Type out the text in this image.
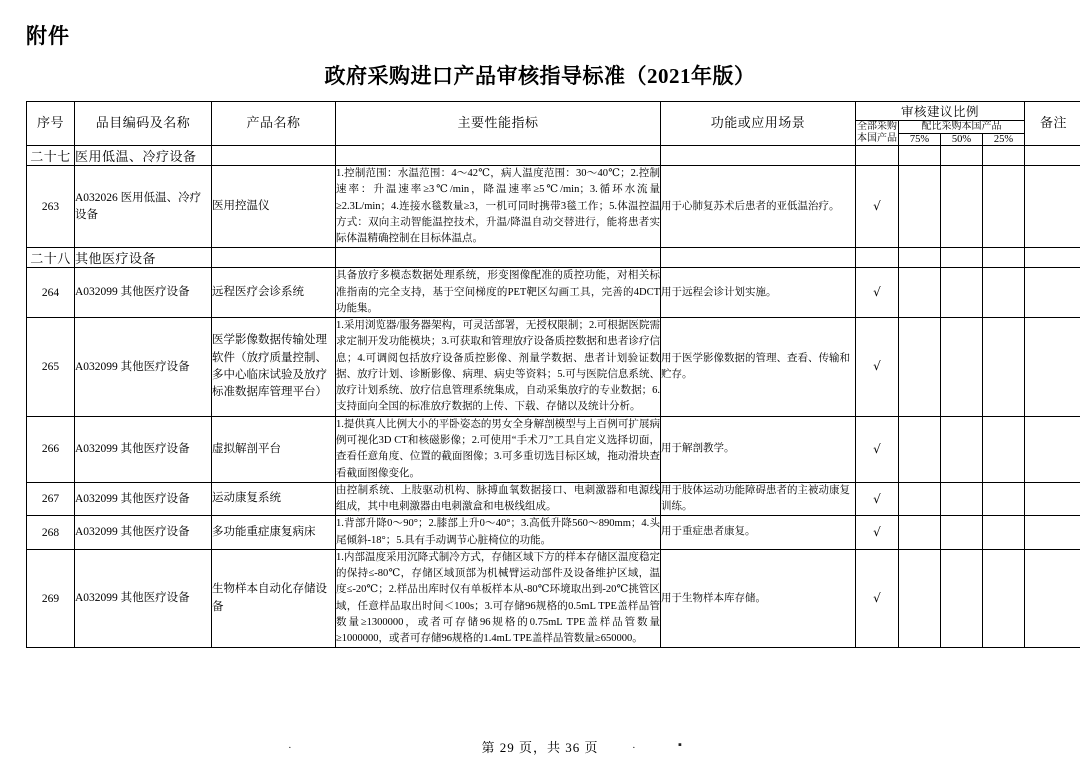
附件
政府采购进口产品审核指导标准（2021年版）
序号	品目编码及名称	产品名称	主要性能指标	功能或应用场景	审核建议比例				备注
					全部采购本国产品	配比采购本国产品			
						75%	50%	25%	
二十七	医用低温、冷疗设备								
263	A032026 医用低温、冷疗设备	医用控温仪	1.控制范围：水温范围：4～42℃，病人温度范围：30～40℃；2.控制速率：升温速率≥3℃/min，降温速率≥5℃/min；3.循环水流量≥2.3L/min；4.连接水毯数量≥3，一机可同时携带3毯工作；5.体温控温方式：双向主动智能温控技术，升温/降温自动交替进行，能将患者实际体温精确控制在目标体温点。	用于心肺复苏术后患者的亚低温治疗。	√				
二十八	其他医疗设备								
264	A032099 其他医疗设备	远程医疗会诊系统	具备放疗多模态数据处理系统，形变图像配准的质控功能，对相关标准指南的完全支持，基于空间梯度的PET靶区勾画工具，完善的4DCT功能集。	用于远程会诊计划实施。	√				
265	A032099 其他医疗设备	医学影像数据传输处理软件（放疗质量控制、多中心临床试验及放疗标准数据库管理平台）	1.采用浏览器/服务器架构，可灵活部署，无授权限制；2.可根据医院需求定制开发功能模块；3.可获取和管理放疗设备质控数据和患者诊疗信息；4.可调阅包括放疗设备质控影像、剂量学数据、患者计划验证数据、放疗计划、诊断影像、病理、病史等资料；5.可与医院信息系统、放疗计划系统、放疗信息管理系统集成，自动采集放疗的专业数据；6.支持面向全国的标准放疗数据的上传、下载、存储以及统计分析。	用于医学影像数据的管理、查看、传输和贮存。	√				
266	A032099 其他医疗设备	虚拟解剖平台	1.提供真人比例大小的平卧姿态的男女全身解剖模型与上百例可扩展病例可视化3D CT和核磁影像；2.可使用“手术刀”工具自定义选择切面，查看任意角度、位置的截面图像；3.可多重切选目标区域，拖动滑块查看截面图像变化。	用于解剖教学。	√				
267	A032099 其他医疗设备	运动康复系统	由控制系统、上肢驱动机构、脉搏血氧数据接口、电刺激器和电源线组成，其中电刺激器由电刺激盒和电极线组成。	用于肢体运动功能障碍患者的主被动康复训练。	√				
268	A032099 其他医疗设备	多功能重症康复病床	1.背部升降0～90°；2.膝部上升0～40°；3.高低升降560～890mm；4.头尾倾斜-18°；5.具有手动调节心脏椅位的功能。	用于重症患者康复。	√				
269	A032099 其他医疗设备	生物样本自动化存储设备	1.内部温度采用沉降式制冷方式，存储区域下方的样本存储区温度稳定的保持≤-80℃，存储区域顶部为机械臂运动部件及设备维护区域，温度≤-20℃；2.样品出库时仅有单板样本从-80℃环境取出到-20℃挑管区域，任意样品取出时间＜100s；3.可存储96规格的0.5mL TPE盖样品管数量≥1300000，或者可存储96规格的0.75mL TPE盖样品管数量≥1000000，或者可存储96规格的1.4mL TPE盖样品管数量≥650000。	用于生物样本库存储。	√				
·	第 29 页，共 36 页	·	▪
